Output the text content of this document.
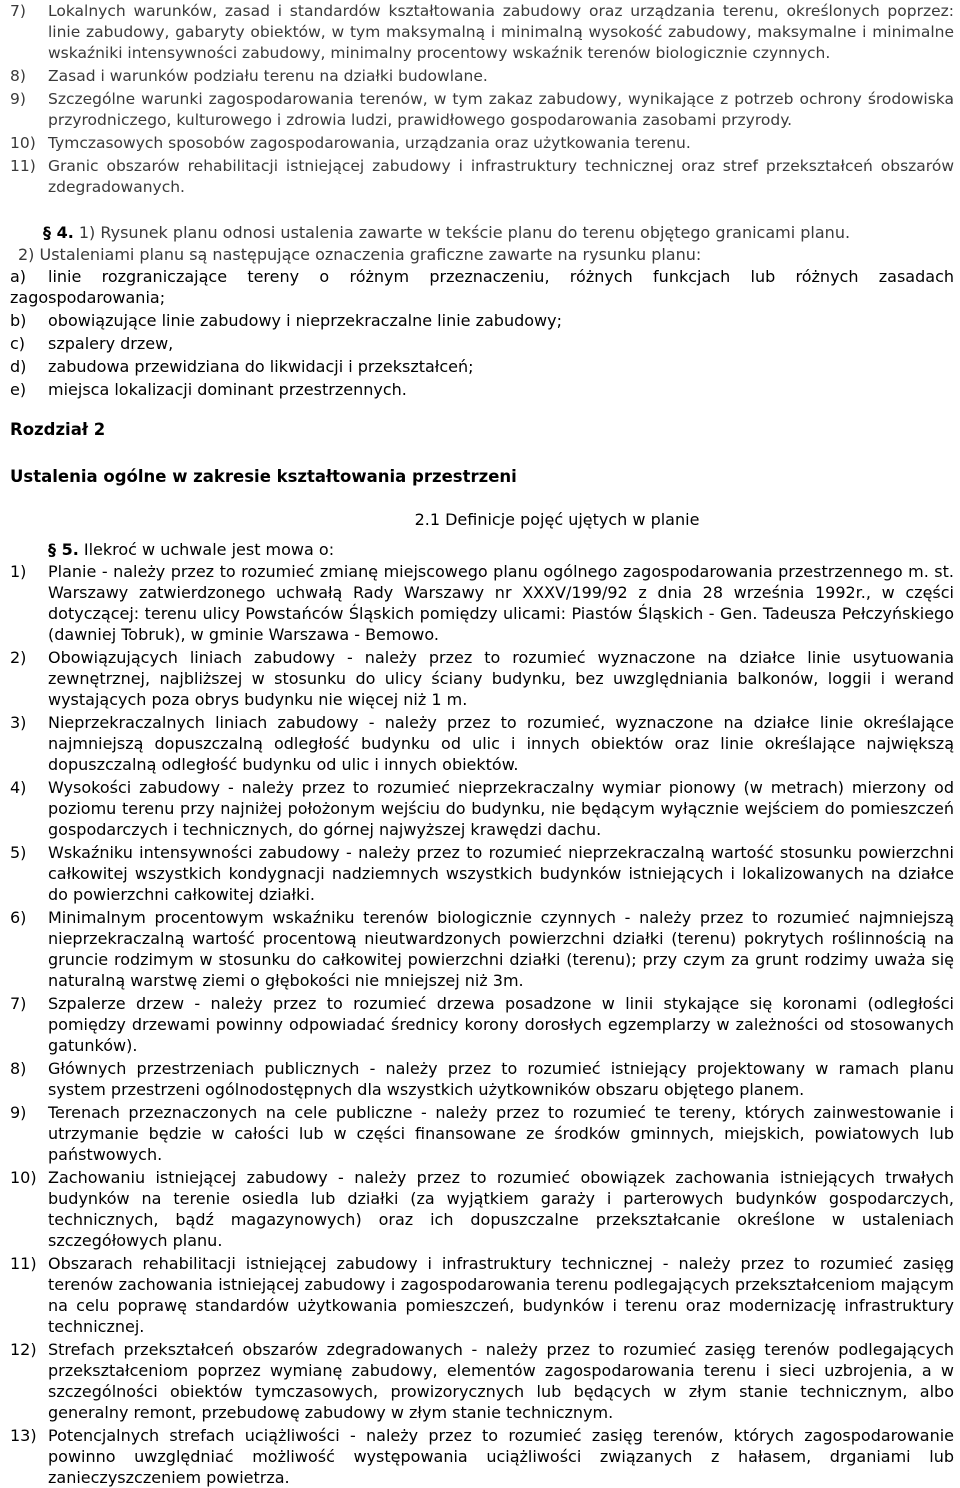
7) Lokalnych warunków, zasad i standardów kształtowania zabudowy oraz urządzania terenu, określonych poprzez: linie zabudowy, gabaryty obiektów, w tym maksymalną i minimalną wysokość zabudowy, maksymalne i minimalne wskaźniki intensywności zabudowy, minimalny procentowy wskaźnik terenów biologicznie czynnych.
8) Zasad i warunków podziału terenu na działki budowlane.
9) Szczególne warunki zagospodarowania terenów, w tym zakaz zabudowy, wynikające z potrzeb ochrony środowiska przyrodniczego, kulturowego i zdrowia ludzi, prawidłowego gospodarowania zasobami przyrody.
10) Tymczasowych sposobów zagospodarowania, urządzania oraz użytkowania terenu.
11) Granic obszarów rehabilitacji istniejącej zabudowy i infrastruktury technicznej oraz stref przekształceń obszarów zdegradowanych.

§ 4. 1) Rysunek planu odnosi ustalenia zawarte w tekście planu do terenu objętego granicami planu.

2) Ustaleniami planu są następujące oznaczenia graficzne zawarte na rysunku planu:

a) linie rozgraniczające tereny o różnym przeznaczeniu, różnych funkcjach lub różnych zasadach zagospodarowania;
b) obowiązujące linie zabudowy i nieprzekraczalne linie zabudowy;
c) szpalery drzew,
d) zabudowa przewidziana do likwidacji i przekształceń;
e) miejsca lokalizacji dominant przestrzennych.
Rozdział 2
Ustalenia ogólne w zakresie kształtowania przestrzeni

2.1 Definicje pojęć ujętych w planie

§ 5. Ilekroć w uchwale jest mowa o:

1) Planie - należy przez to rozumieć zmianę miejscowego planu ogólnego zagospodarowania przestrzennego m. st. Warszawy zatwierdzonego uchwałą Rady Warszawy nr XXXV/199/92 z dnia 28 września 1992r., w części dotyczącej: terenu ulicy Powstańców Śląskich pomiędzy ulicami: Piastów Śląskich - Gen. Tadeusza Pełczyńskiego (dawniej Tobruk), w gminie Warszawa - Bemowo.
2) Obowiązujących liniach zabudowy - należy przez to rozumieć wyznaczone na działce linie usytuowania zewnętrznej, najbliższej w stosunku do ulicy ściany budynku, bez uwzględniania balkonów, loggii i werand wystających poza obrys budynku nie więcej niż 1 m.
3) Nieprzekraczalnych liniach zabudowy - należy przez to rozumieć, wyznaczone na działce linie określające najmniejszą dopuszczalną odległość budynku od ulic i innych obiektów oraz linie określające największą dopuszczalną odległość budynku od ulic i innych obiektów.
4) Wysokości zabudowy - należy przez to rozumieć nieprzekraczalny wymiar pionowy (w metrach) mierzony od poziomu terenu przy najniżej położonym wejściu do budynku, nie będącym wyłącznie wejściem do pomieszczeń gospodarczych i technicznych, do górnej najwyższej krawędzi dachu.
5) Wskaźniku intensywności zabudowy - należy przez to rozumieć nieprzekraczalną wartość stosunku powierzchni całkowitej wszystkich kondygnacji nadziemnych wszystkich budynków istniejących i lokalizowanych na działce do powierzchni całkowitej działki.
6) Minimalnym procentowym wskaźniku terenów biologicznie czynnych - należy przez to rozumieć najmniejszą nieprzekraczalną wartość procentową nieutwardzonych powierzchni działki (terenu) pokrytych roślinnością na gruncie rodzimym w stosunku do całkowitej powierzchni działki (terenu); przy czym za grunt rodzimy uważa się naturalną warstwę ziemi o głębokości nie mniejszej niż 3m.
7) Szpalerze drzew - należy przez to rozumieć drzewa posadzone w linii stykające się koronami (odległości pomiędzy drzewami powinny odpowiadać średnicy korony dorosłych egzemplarzy w zależności od stosowanych gatunków).
8) Głównych przestrzeniach publicznych - należy przez to rozumieć istniejący projektowany w ramach planu system przestrzeni ogólnodostępnych dla wszystkich użytkowników obszaru objętego planem.
9) Terenach przeznaczonych na cele publiczne - należy przez to rozumieć te tereny, których zainwestowanie i utrzymanie będzie w całości lub w części finansowane ze środków gminnych, miejskich, powiatowych lub państwowych.
10) Zachowaniu istniejącej zabudowy - należy przez to rozumieć obowiązek zachowania istniejących trwałych budynków na terenie osiedla lub działki (za wyjątkiem garaży i parterowych budynków gospodarczych, technicznych, bądź magazynowych) oraz ich dopuszczalne przekształcanie określone w ustaleniach szczegółowych planu.
11) Obszarach rehabilitacji istniejącej zabudowy i infrastruktury technicznej - należy przez to rozumieć zasięg terenów zachowania istniejącej zabudowy i zagospodarowania terenu podlegających przekształceniom mającym na celu poprawę standardów użytkowania pomieszczeń, budynków i terenu oraz modernizację infrastruktury technicznej.
12) Strefach przekształceń obszarów zdegradowanych - należy przez to rozumieć zasięg terenów podlegających przekształceniom poprzez wymianę zabudowy, elementów zagospodarowania terenu i sieci uzbrojenia, a w szczególności obiektów tymczasowych, prowizorycznych lub będących w złym stanie technicznym, albo generalny remont, przebudowę zabudowy w złym stanie technicznym.
13) Potencjalnych strefach uciążliwości - należy przez to rozumieć zasięg terenów, których zagospodarowanie powinno uwzględniać możliwość występowania uciążliwości związanych z hałasem, drganiami lub zanieczyszczeniem powietrza.
